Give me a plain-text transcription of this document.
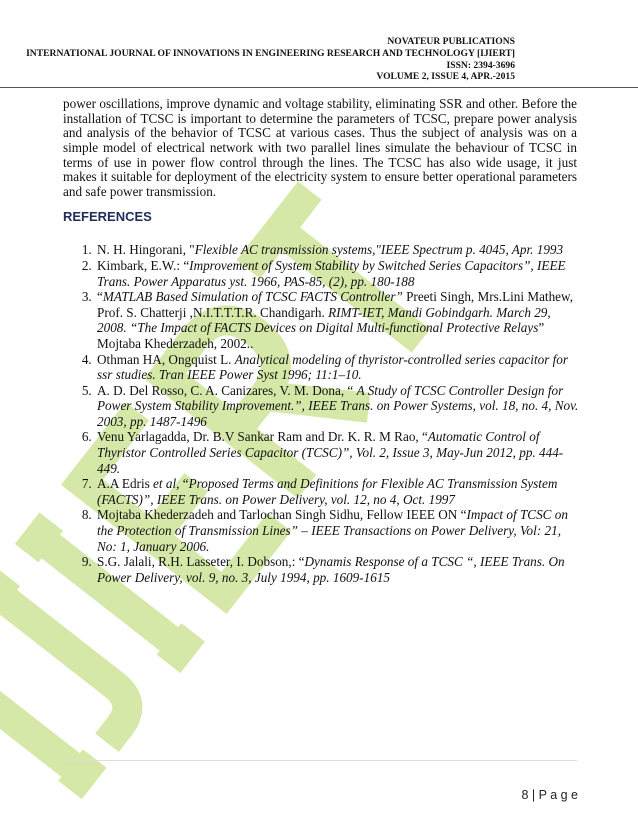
NOVATEUR PUBLICATIONS
INTERNATIONAL JOURNAL OF INNOVATIONS IN ENGINEERING RESEARCH AND TECHNOLOGY [IJIERT]
ISSN: 2394-3696
VOLUME 2, ISSUE 4, APR.-2015
power oscillations, improve dynamic and voltage stability, eliminating SSR and other. Before the installation of TCSC is important to determine the parameters of TCSC, prepare power analysis and analysis of the behavior of TCSC at various cases. Thus the subject of analysis was on a simple model of electrical network with two parallel lines simulate the behaviour of TCSC in terms of use in power flow control through the lines. The TCSC has also wide usage, it just makes it suitable for deployment of the electricity system to ensure better operational parameters and safe power transmission.
REFERENCES
1. N. H. Hingorani, "Flexible AC transmission systems,"IEEE Spectrum p. 4045, Apr. 1993
2. Kimbark, E.W.: “Improvement of System Stability by Switched Series Capacitors”, IEEE Trans. Power Apparatus yst. 1966, PAS-85, (2), pp. 180-188
3. “MATLAB Based Simulation of TCSC FACTS Controller” Preeti Singh, Mrs.Lini Mathew, Prof. S. Chatterji ,N.I.T.T.T.R. Chandigarh. RIMT-IET, Mandi Gobindgarh. March 29, 2008. “The Impact of FACTS Devices on Digital Multi-functional Protective Relays” Mojtaba Khederzadeh, 2002..
4. Othman HA, Ongquist L. Analytical modeling of thyristor-controlled series capacitor for ssr studies. Tran IEEE Power Syst 1996; 11:1–10.
5. A. D. Del Rosso, C. A. Canizares, V. M. Dona, “ A Study of TCSC Controller Design for Power System Stability Improvement.”, IEEE Trans. on Power Systems, vol. 18, no. 4, Nov. 2003, pp. 1487-1496
6. Venu Yarlagadda, Dr. B.V Sankar Ram and Dr. K. R. M Rao, “Automatic Control of Thyristor Controlled Series Capacitor (TCSC)”, Vol. 2, Issue 3, May-Jun 2012, pp. 444-449.
7. A.A Edris et al, “Proposed Terms and Definitions for Flexible AC Transmission System (FACTS)”, IEEE Trans. on Power Delivery, vol. 12, no 4, Oct. 1997
8. Mojtaba Khederzadeh and Tarlochan Singh Sidhu, Fellow IEEE ON “Impact of TCSC on the Protection of Transmission Lines” – IEEE Transactions on Power Delivery, Vol: 21, No: 1, January 2006.
9. S.G. Jalali, R.H. Lasseter, I. Dobson,: “Dynamis Response of a TCSC “, IEEE Trans. On Power Delivery, vol. 9, no. 3, July 1994, pp. 1609-1615
8 | P a g e
